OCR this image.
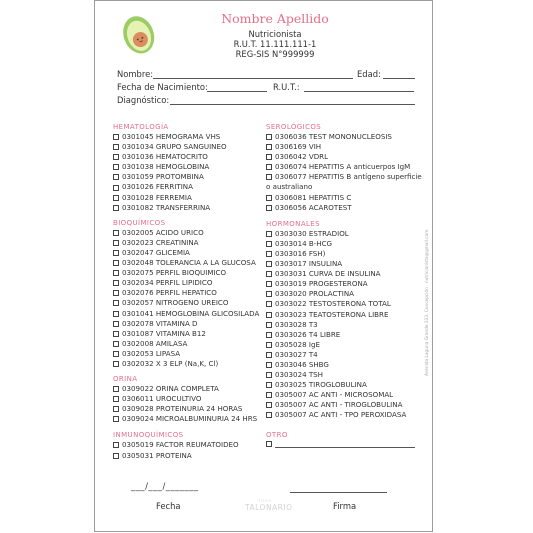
Nombre Apellido
Nutricionista
R.U.T. 11.111.111-1
REG-SIS N°999999
Nombre:	Edad:
Fecha de Nacimiento:	R.U.T.:
Diagnóstico:
HEMATOLOGÍA
0301045 HEMOGRAMA VHS
0301034 GRUPO SANGUINEO
0301036 HEMATOCRITO
0301038 HEMOGLOBINA
0301059 PROTOMBINA
0301026 FERRITINA
0301028 FERREMIA
0301082 TRANSFERRINA
BIOQUÍMICOS
0302005 ACIDO URICO
0302023 CREATININA
0302047 GLICEMIA
0302048 TOLERANCIA A LA GLUCOSA
0302075 PERFIL BIOQUIMICO
0302034 PERFIL LIPIDICO
0302076 PERFIL HEPATICO
0302057 NITROGENO UREICO
0301041 HEMOGLOBINA GLICOSILADA
0302078 VITAMINA D
0301087 VITAMINA B12
0302008 AMILASA
0302053 LIPASA
0302032 X 3 ELP (Na,K, Cl)
ORINA
0309022 ORINA COMPLETA
0306011 UROCULTIVO
0309028 PROTEINURIA 24 HORAS
0309024 MICROALBUMINURIA 24 HRS
INMUNOQUÍMICOS
0305019 FACTOR REUMATOIDEO
0305031 PROTEINA
SEROLÓGICOS
0306036 TEST MONONUCLEOSIS
0306169 VIH
0306042 VDRL
0306074 HEPATITIS A anticuerpos IgM
0306077 HEPATITIS B antígeno superficie
o australiano
0306081 HEPATITIS C
0306056 ACAROTEST
HORMONALES
0303030 ESTRADIOL
0303014 B-HCG
0303016 FSH)
0303017 INSULINA
0303031 CURVA DE INSULINA
0303019 PROGESTERONA
0303020 PROLACTINA
0303022 TESTOSTERONA TOTAL
0303023 TEATOSTERONA LIBRE
0303028 T3
0303026 T4 LIBRE
0305028 IgE
0303027 T4
0303046 SHBG
0303024 TSH
0303025 TIROGLOBULINA
0305007 AC ANTI - MICROSOMAL
0305007 AC ANTI - TIROGLOBULINA
0305007 AC ANTI - TPO PEROXIDASA
OTRO
___/___/_______
Fecha	Firma
TUSO
TALONARIO
Avenida Laguna Grande 333, Concepción · nutricionista@gmail.com
